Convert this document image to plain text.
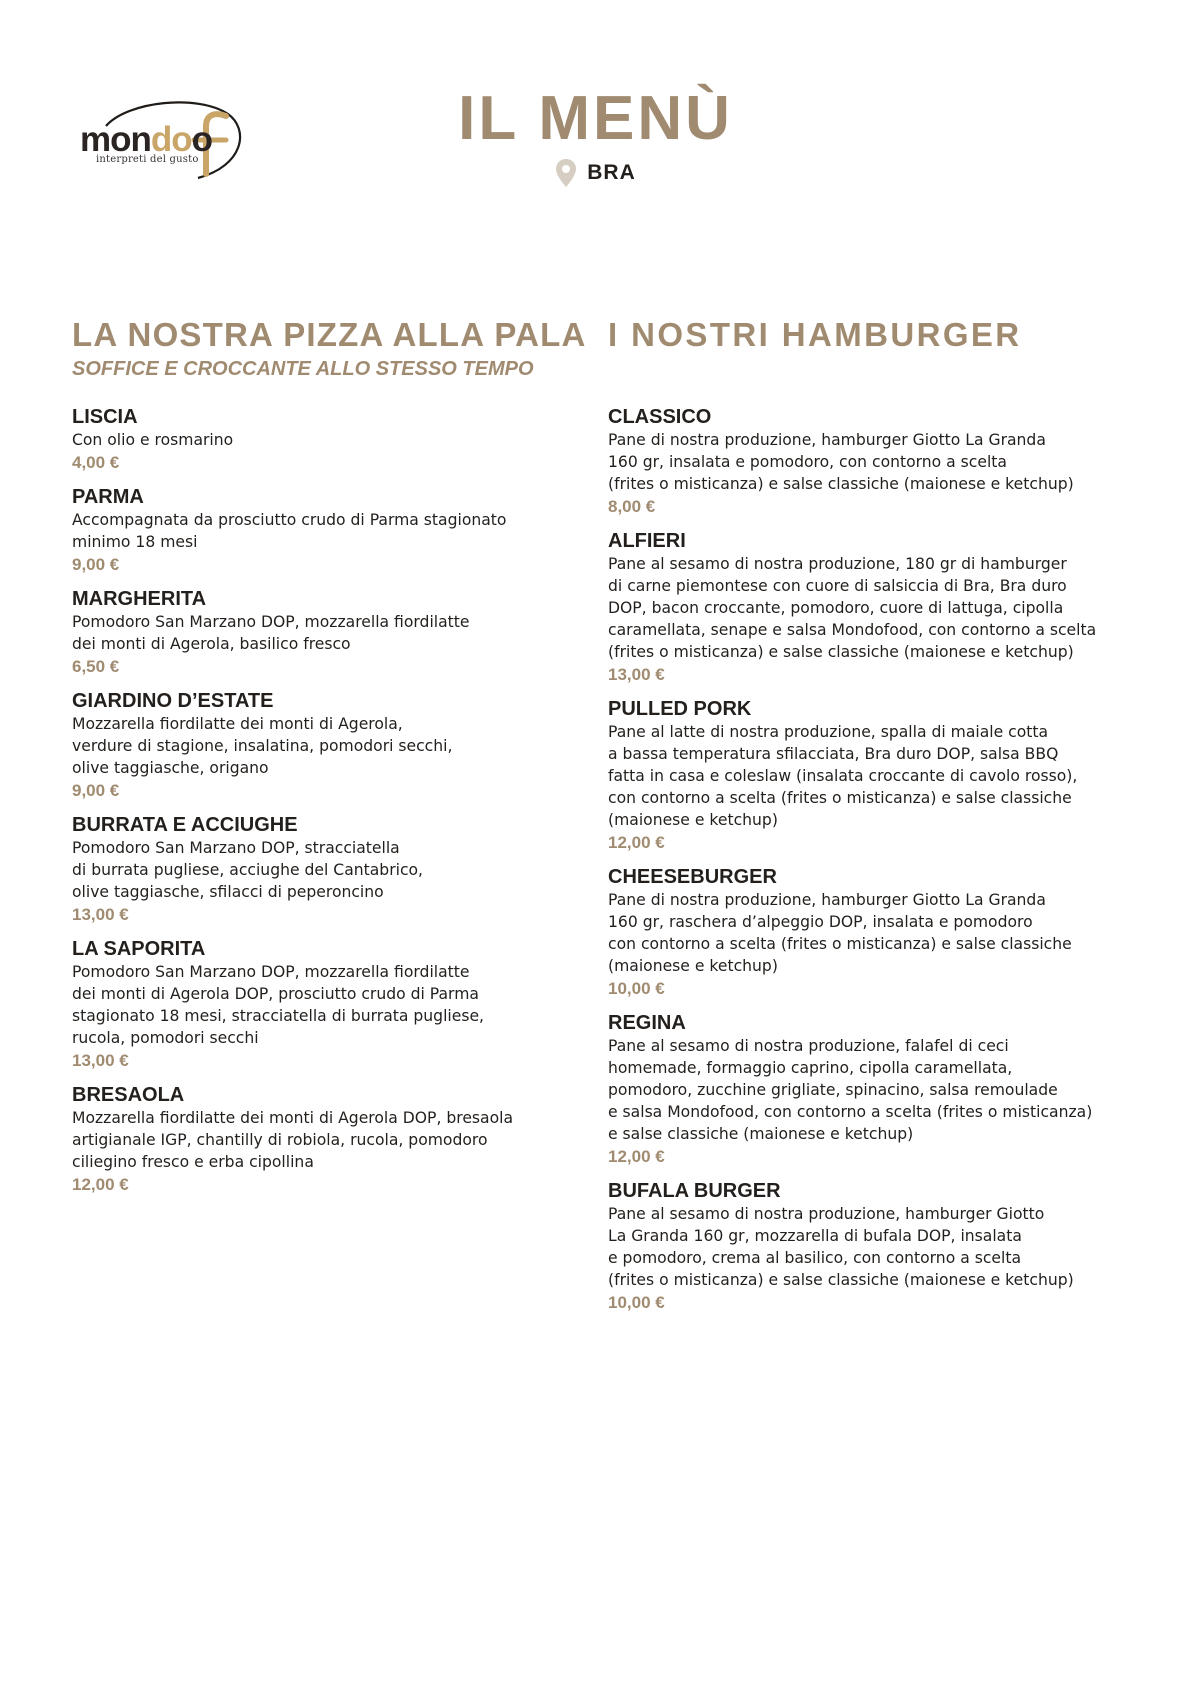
mondoo
interpreti del gusto
IL MENÙ
BRA
LA NOSTRA PIZZA ALLA PALA
SOFFICE E CROCCANTE ALLO STESSO TEMPO
LISCIA
Con olio e rosmarino
4,00 €
PARMA
Accompagnata da prosciutto crudo di Parma stagionato
minimo 18 mesi
9,00 €
MARGHERITA
Pomodoro San Marzano DOP, mozzarella fiordilatte
dei monti di Agerola, basilico fresco
6,50 €
GIARDINO D’ESTATE
Mozzarella fiordilatte dei monti di Agerola,
verdure di stagione, insalatina, pomodori secchi,
olive taggiasche, origano
9,00 €
BURRATA E ACCIUGHE
Pomodoro San Marzano DOP, stracciatella
di burrata pugliese, acciughe del Cantabrico,
olive taggiasche, sfilacci di peperoncino
13,00 €
LA SAPORITA
Pomodoro San Marzano DOP, mozzarella fiordilatte
dei monti di Agerola DOP, prosciutto crudo di Parma
stagionato 18 mesi, stracciatella di burrata pugliese,
rucola, pomodori secchi
13,00 €
BRESAOLA
Mozzarella fiordilatte dei monti di Agerola DOP, bresaola
artigianale IGP, chantilly di robiola, rucola, pomodoro
ciliegino fresco e erba cipollina
12,00 €
I NOSTRI HAMBURGER
CLASSICO
Pane di nostra produzione, hamburger Giotto La Granda
160 gr, insalata e pomodoro, con contorno a scelta
(frites o misticanza) e salse classiche (maionese e ketchup)
8,00 €
ALFIERI
Pane al sesamo di nostra produzione, 180 gr di hamburger
di carne piemontese con cuore di salsiccia di Bra, Bra duro
DOP, bacon croccante, pomodoro, cuore di lattuga, cipolla
caramellata, senape e salsa Mondofood, con contorno a scelta
(frites o misticanza) e salse classiche (maionese e ketchup)
13,00 €
PULLED PORK
Pane al latte di nostra produzione, spalla di maiale cotta
a bassa temperatura sfilacciata, Bra duro DOP, salsa BBQ
fatta in casa e coleslaw (insalata croccante di cavolo rosso),
con contorno a scelta (frites o misticanza) e salse classiche
(maionese e ketchup)
12,00 €
CHEESEBURGER
Pane di nostra produzione, hamburger Giotto La Granda
160 gr, raschera d’alpeggio DOP, insalata e pomodoro
con contorno a scelta (frites o misticanza) e salse classiche
(maionese e ketchup)
10,00 €
REGINA
Pane al sesamo di nostra produzione, falafel di ceci
homemade, formaggio caprino, cipolla caramellata,
pomodoro, zucchine grigliate, spinacino, salsa remoulade
e salsa Mondofood, con contorno a scelta (frites o misticanza)
e salse classiche (maionese e ketchup)
12,00 €
BUFALA BURGER
Pane al sesamo di nostra produzione, hamburger Giotto
La Granda 160 gr, mozzarella di bufala DOP, insalata
e pomodoro, crema al basilico, con contorno a scelta
(frites o misticanza) e salse classiche (maionese e ketchup)
10,00 €
